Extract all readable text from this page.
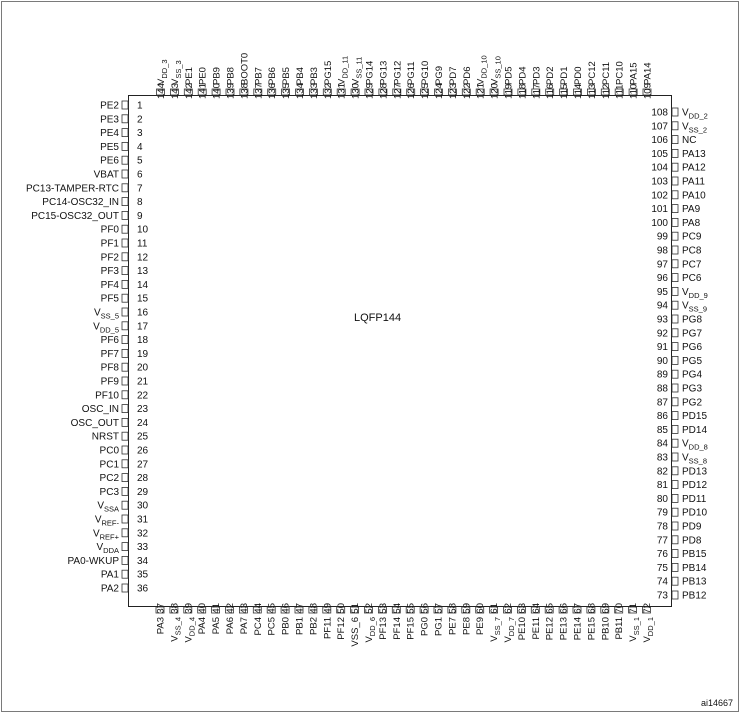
LQFP144
ai14667
PE2 1
PE3 2
PE4 3
PE5 4
PE6 5
VBAT 6
PC13-TAMPER-RTC 7
PC14-OSC32_IN 8
PC15-OSC32_OUT 9
PF0 10
PF1 11
PF2 12
PF3 13
PF4 14
PF5 15
$V_{SS\_5}$ 16
$V_{DD\_5}$ 17
PF6 18
PF7 19
PF8 20
PF9 21
PF10 22
OSC_IN 23
OSC_OUT 24
NRST 25
PC0 26
PC1 27
PC2 28
PC3 29
$V_{SSA}$ 30
$V_{REF-}$ 31
$V_{REF+}$ 32
$V_{DDA}$ 33
PA0-WKUP 34
PA1 35
PA2 36
PB12
73
PB13
74
PB14
75
PB15
76
PD8
77
PD9
78
PD10
79
PD11
80
PD12
81
PD13
82
$V_{SS\_8}$
83
$V_{DD\_8}$
84
PD14
85
PD15
86
PG2
87
PG3
88
PG4
89
PG5
90
PG6
91
PG7
92
PG8
93
$V_{SS\_9}$
94
$V_{DD\_9}$
95
PC6
96
PC7
97
PC8
98
PC9
99
PA8
100
PA9
101
PA10
102
PA11
103
PA12
104
PA13
105
NC
106
$V_{SS\_2}$
107
$V_{DD\_2}$
108
37
PA3
38
$V_{SS\_4}$
39
$V_{DD\_4}$
40
PA4
41
PA5
42
PA6
43
PA7
44
PC4
45
PC5
46
PB0
47
PB1
48
PB2
49
PF11
50
PF12
51
VSS_6
52
$V_{DD\_6}$
53
PF13
54
PF14
55
PF15
56
PG0
57
PG1
58
PE7
59
PE8
60
PE9
61
$V_{SS\_7}$
62
$V_{DD\_7}$
63
PE10
64
PE11
65
PE12
66
PE13
67
PE14
68
PE15
69
PB10
70
PB11
71
$V_{SS\_1}$
72
$V_{DD\_1}$
109
PA14
110
PA15
111
PC10
112
PC11
113
PC12
114
PD0
115
PD1
116
PD2
117
PD3
118
PD4
119
PD5
120
$V_{SS\_10}$
121
$V_{DD\_10}$
122
PD6
123
PD7
124
PG9
125
PG10
126
PG11
127
PG12
128
PG13
129
PG14
130
$V_{SS\_11}$
131
$V_{DD\_11}$
132
PG15
133
PB3
134
PB4
135
PB5
136
PB6
137
PB7
138
BOOT0
139
PB8
140
PB9
141
PE0
142
PE1
143
$V_{SS\_3}$
144
$V_{DD\_3}$
